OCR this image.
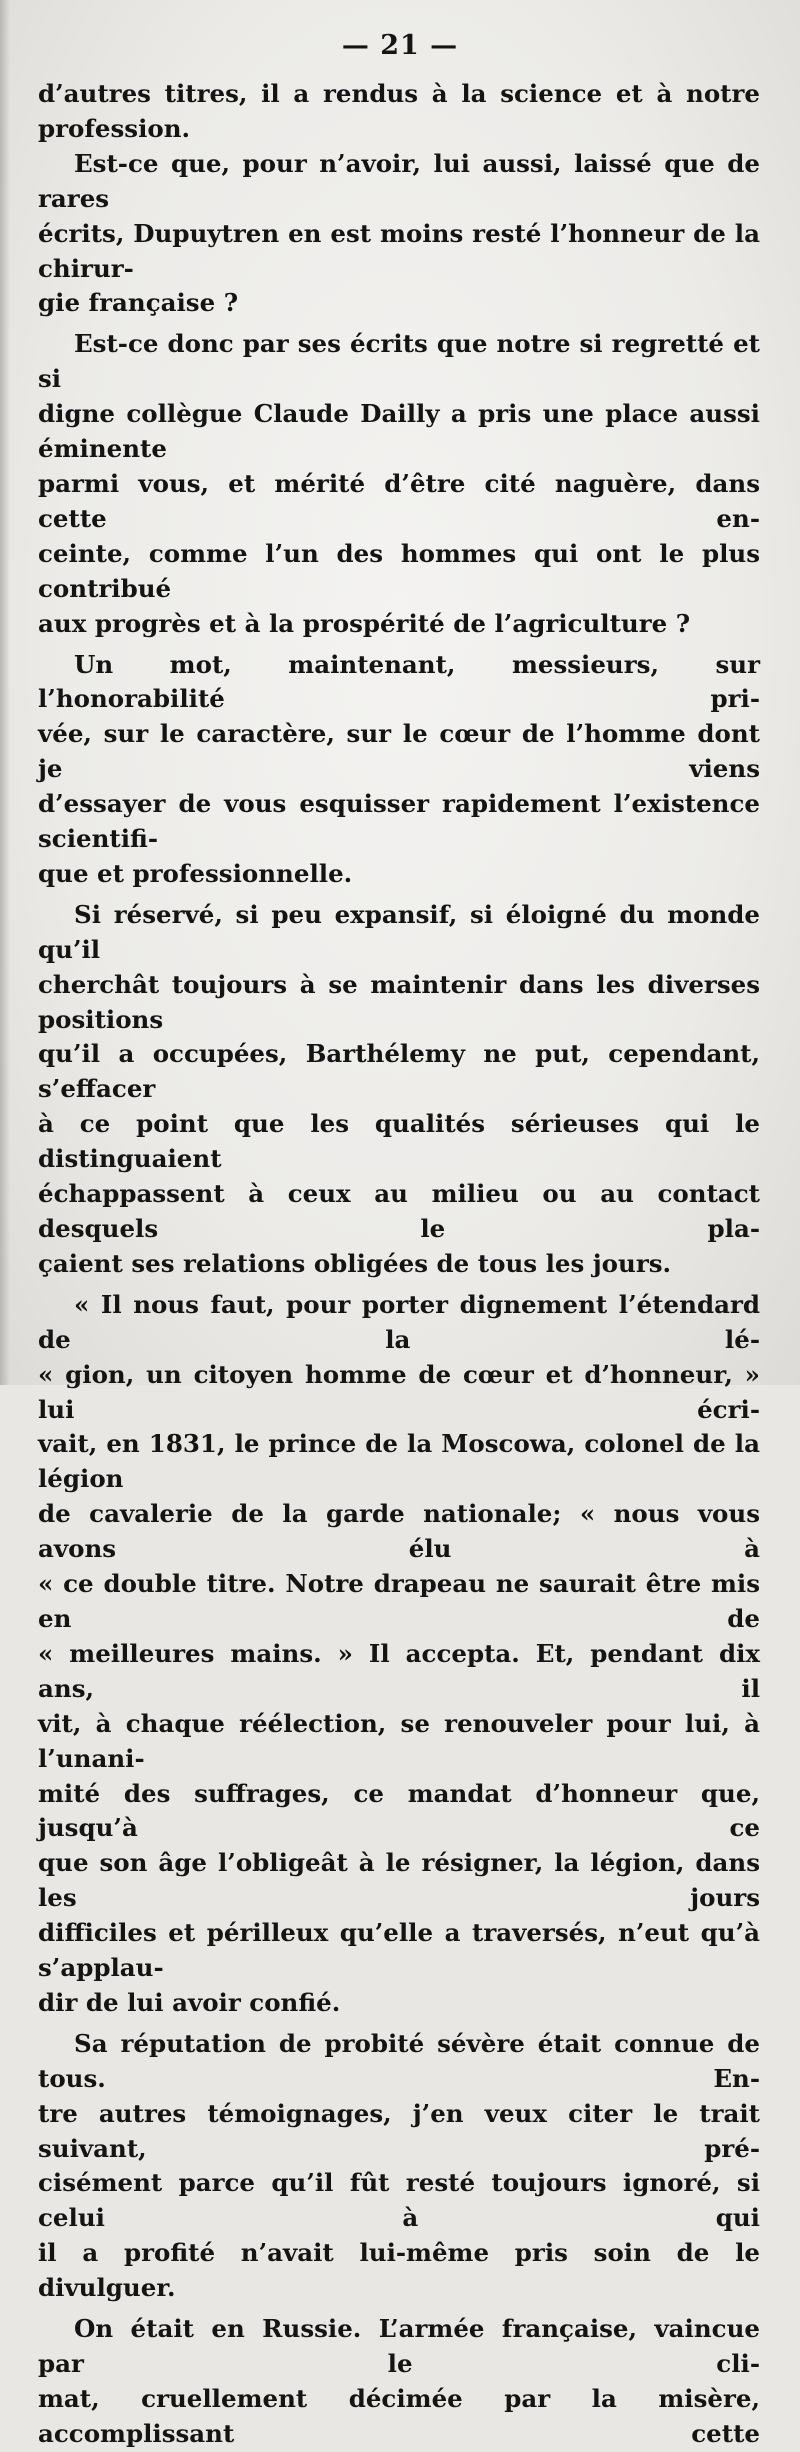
— 21 —

d’autres titres, il a rendus à la science et à notre profession.

Est-ce que, pour n’avoir, lui aussi, laissé que de rares

écrits, Dupuytren en est moins resté l’honneur de la chirur-

gie française ?

Est-ce donc par ses écrits que notre si regretté et si

digne collègue Claude Dailly a pris une place aussi éminente

parmi vous, et mérité d’être cité naguère, dans cette en-

ceinte, comme l’un des hommes qui ont le plus contribué

aux progrès et à la prospérité de l’agriculture ?

Un mot, maintenant, messieurs, sur l’honorabilité pri-

vée, sur le caractère, sur le cœur de l’homme dont je viens

d’essayer de vous esquisser rapidement l’existence scientifi-

que et professionnelle.

Si réservé, si peu expansif, si éloigné du monde qu’il

cherchât toujours à se maintenir dans les diverses positions

qu’il a occupées, Barthélemy ne put, cependant, s’effacer

à ce point que les qualités sérieuses qui le distinguaient

échappassent à ceux au milieu ou au contact desquels le pla-

çaient ses relations obligées de tous les jours.

« Il nous faut, pour porter dignement l’étendard de la lé-

« gion, un citoyen homme de cœur et d’honneur, » lui écri-

vait, en 1831, le prince de la Moscowa, colonel de la légion

de cavalerie de la garde nationale; « nous vous avons élu à

« ce double titre. Notre drapeau ne saurait être mis en de

« meilleures mains. » Il accepta. Et, pendant dix ans, il

vit, à chaque réélection, se renouveler pour lui, à l’unani-

mité des suffrages, ce mandat d’honneur que, jusqu’à ce

que son âge l’obligeât à le résigner, la légion, dans les jours

difficiles et périlleux qu’elle a traversés, n’eut qu’à s’applau-

dir de lui avoir confié.

Sa réputation de probité sévère était connue de tous. En-

tre autres témoignages, j’en veux citer le trait suivant, pré-

cisément parce qu’il fût resté toujours ignoré, si celui à qui

il a profité n’avait lui-même pris soin de le divulguer.

On était en Russie. L’armée française, vaincue par le cli-

mat, cruellement décimée par la misère, accomplissant cette
